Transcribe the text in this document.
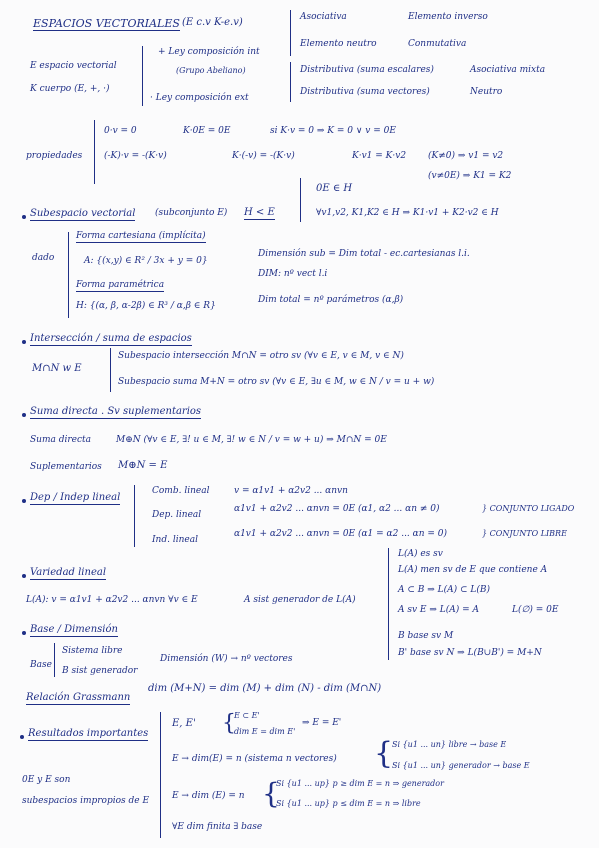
ESPACIOS VECTORIALES (E c.v K-e.v)	Asociativa	Elemento inverso
Elemento neutro	Conmutativa
E espacio vectorial
K cuerpo (E, +, ·)
+ Ley composición int
(Grupo Abeliano)
· Ley composición ext
Distributiva (suma escalares)	Asociativa mixta
Distributiva (suma vectores)	Neutro
propiedades
0·v = 0	K·0E = 0E	si K·v = 0 ⇒ K = 0 ∨ v = 0E
(-K)·v = -(K·v)	K·(-v) = -(K·v)	K·v1 = K·v2 (K≠0) ⇒ v1 = v2
(v≠0E) ⇒ K1 = K2
Subespacio vectorial (subconjunto E) H < E
0E ∈ H
∀v1,v2, K1,K2 ∈ H ⇒ K1·v1 + K2·v2 ∈ H
dado
Forma cartesiana (implícita)
A: {(x,y) ∈ R² / 3x + y = 0}
Dimensión sub = Dim total - ec.cartesianas l.i.
DIM: nº vect l.i
Forma paramétrica
H: {(α, β, α-2β) ∈ R³ / α,β ∈ R}
Dim total = nº parámetros (α,β)
Intersección / suma de espacios
M∩N w E
Subespacio intersección M∩N = otro sv (∀v ∈ E, v ∈ M, v ∈ N)
Subespacio suma M+N = otro sv (∀v ∈ E, ∃u ∈ M, w ∈ N / v = u + w)
Suma directa . Sv suplementarios
Suma directa	M⊕N (∀v ∈ E, ∃! u ∈ M, ∃! w ∈ N / v = w + u) ⇒ M∩N = 0E
Suplementarios M⊕N = E
Dep / Indep lineal
Comb. lineal	v = α1v1 + α2v2 ... αnvn
Dep. lineal
α1v1 + α2v2 ... αnvn = 0E (α1, α2 ... αn ≠ 0)	} CONJUNTO LIGADO
Ind. lineal
α1v1 + α2v2 ... αnvn = 0E (α1 = α2 ... αn = 0)	} CONJUNTO LIBRE
Variedad lineal
L(A): v = α1v1 + α2v2 ... αnvn ∀v ∈ E	A sist generador de L(A)
L(A) es sv
L(A) men sv de E que contiene A
A ⊂ B ⇒ L(A) ⊂ L(B)
A sv E ⇒ L(A) = A	L(∅) = 0E
B base sv M
B' base sv N ⇒ L(B∪B') = M+N
Base / Dimensión
Base
Sistema libre
B sist generador
Dimensión (W) → nº vectores
Relación Grassmann
dim (M+N) = dim (M) + dim (N) - dim (M∩N)
Resultados importantes
0E y E son
subespacios impropios de E
E, E' {
E ⊂ E'
dim E = dim E'
⇒ E = E'
E → dim(E) = n (sistema n vectores) {
Si {u1 ... un} libre → base E
Si {u1 ... un} generador → base E
E → dim (E) = n {
Si {u1 ... up} p ≥ dim E = n ⇒ generador
Si {u1 ... up} p ≤ dim E = n ⇒ libre
∀E dim finita ∃ base
